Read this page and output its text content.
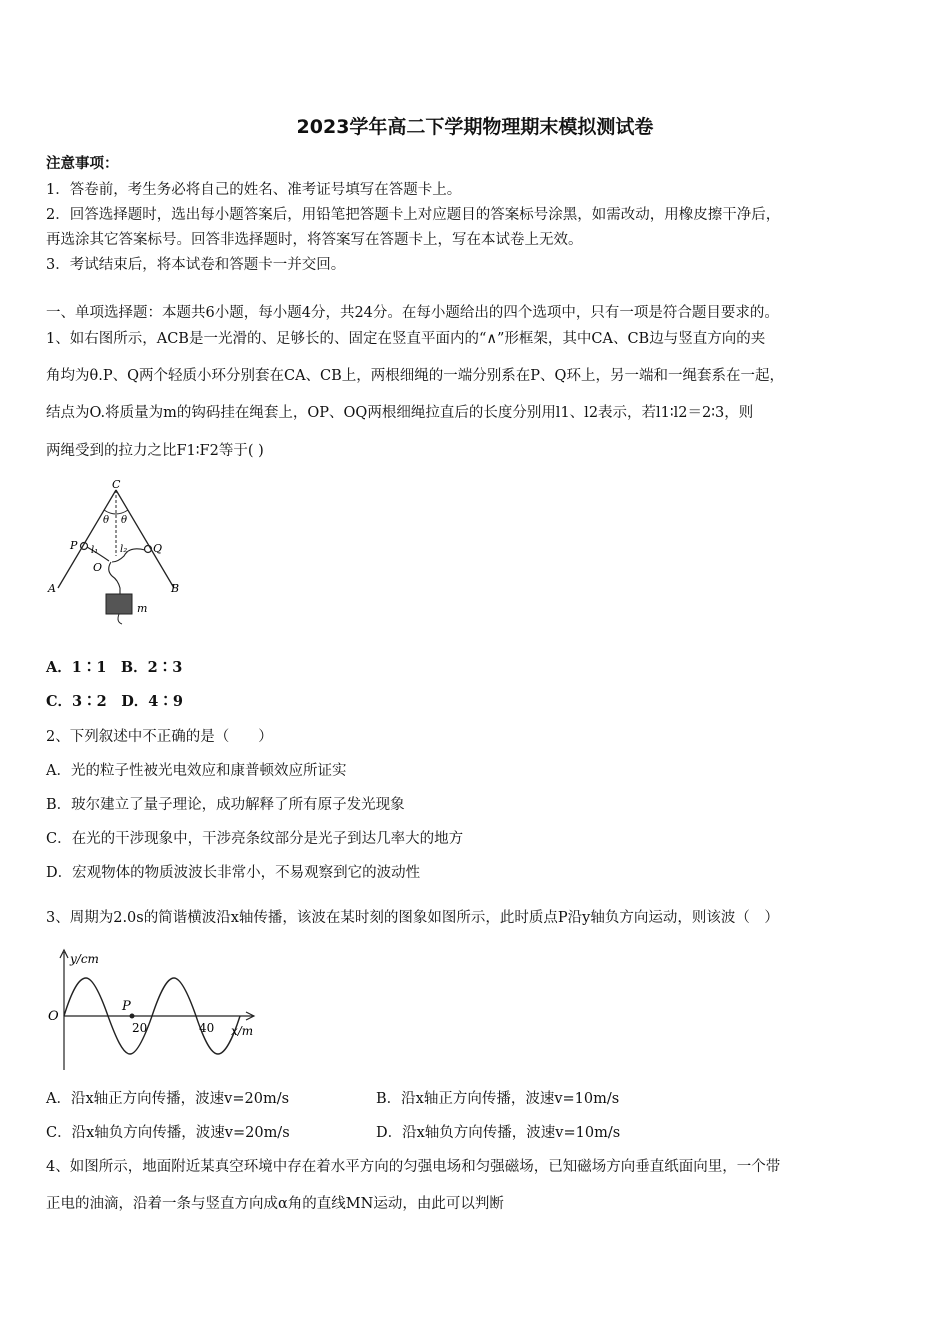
2023学年高二下学期物理期末模拟测试卷
注意事项：
1．答卷前，考生务必将自己的姓名、准考证号填写在答题卡上。
2．回答选择题时，选出每小题答案后，用铅笔把答题卡上对应题目的答案标号涂黑，如需改动，用橡皮擦干净后，
再选涂其它答案标号。回答非选择题时，将答案写在答题卡上，写在本试卷上无效。
3．考试结束后，将本试卷和答题卡一并交回。
一、单项选择题：本题共6小题，每小题4分，共24分。在每小题给出的四个选项中，只有一项是符合题目要求的。
1、如右图所示，ACB是一光滑的、足够长的、固定在竖直平面内的“∧”形框架，其中CA、CB边与竖直方向的夹
角均为θ.P、Q两个轻质小环分别套在CA、CB上，两根细绳的一端分别系在P、Q环上，另一端和一绳套系在一起，
结点为O.将质量为m的钩码挂在绳套上，OP、OQ两根细绳拉直后的长度分别用l1、l2表示，若l1∶l2＝2∶3，则
两绳受到的拉力之比F1∶F2等于( )
C
θ θ
P	Q
l₁ l₂
O
A	B
m
A．1∶1　B．2∶3
C．3∶2　D．4∶9
2、下列叙述中不正确的是（　　）
A．光的粒子性被光电效应和康普顿效应所证实
B．玻尔建立了量子理论，成功解释了所有原子发光现象
C．在光的干涉现象中，干涉亮条纹部分是光子到达几率大的地方
D．宏观物体的物质波波长非常小，不易观察到它的波动性
3、周期为2.0s的简谐横波沿x轴传播，该波在某时刻的图象如图所示，此时质点P沿y轴负方向运动，则该波（　）
y/cm
O
P
20	40 x/m
A．沿x轴正方向传播，波速v=20m/s	B．沿x轴正方向传播，波速v=10m/s
C．沿x轴负方向传播，波速v=20m/s	D．沿x轴负方向传播，波速v=10m/s
4、如图所示，地面附近某真空环境中存在着水平方向的匀强电场和匀强磁场，已知磁场方向垂直纸面向里，一个带
正电的油滴，沿着一条与竖直方向成α角的直线MN运动，由此可以判断
